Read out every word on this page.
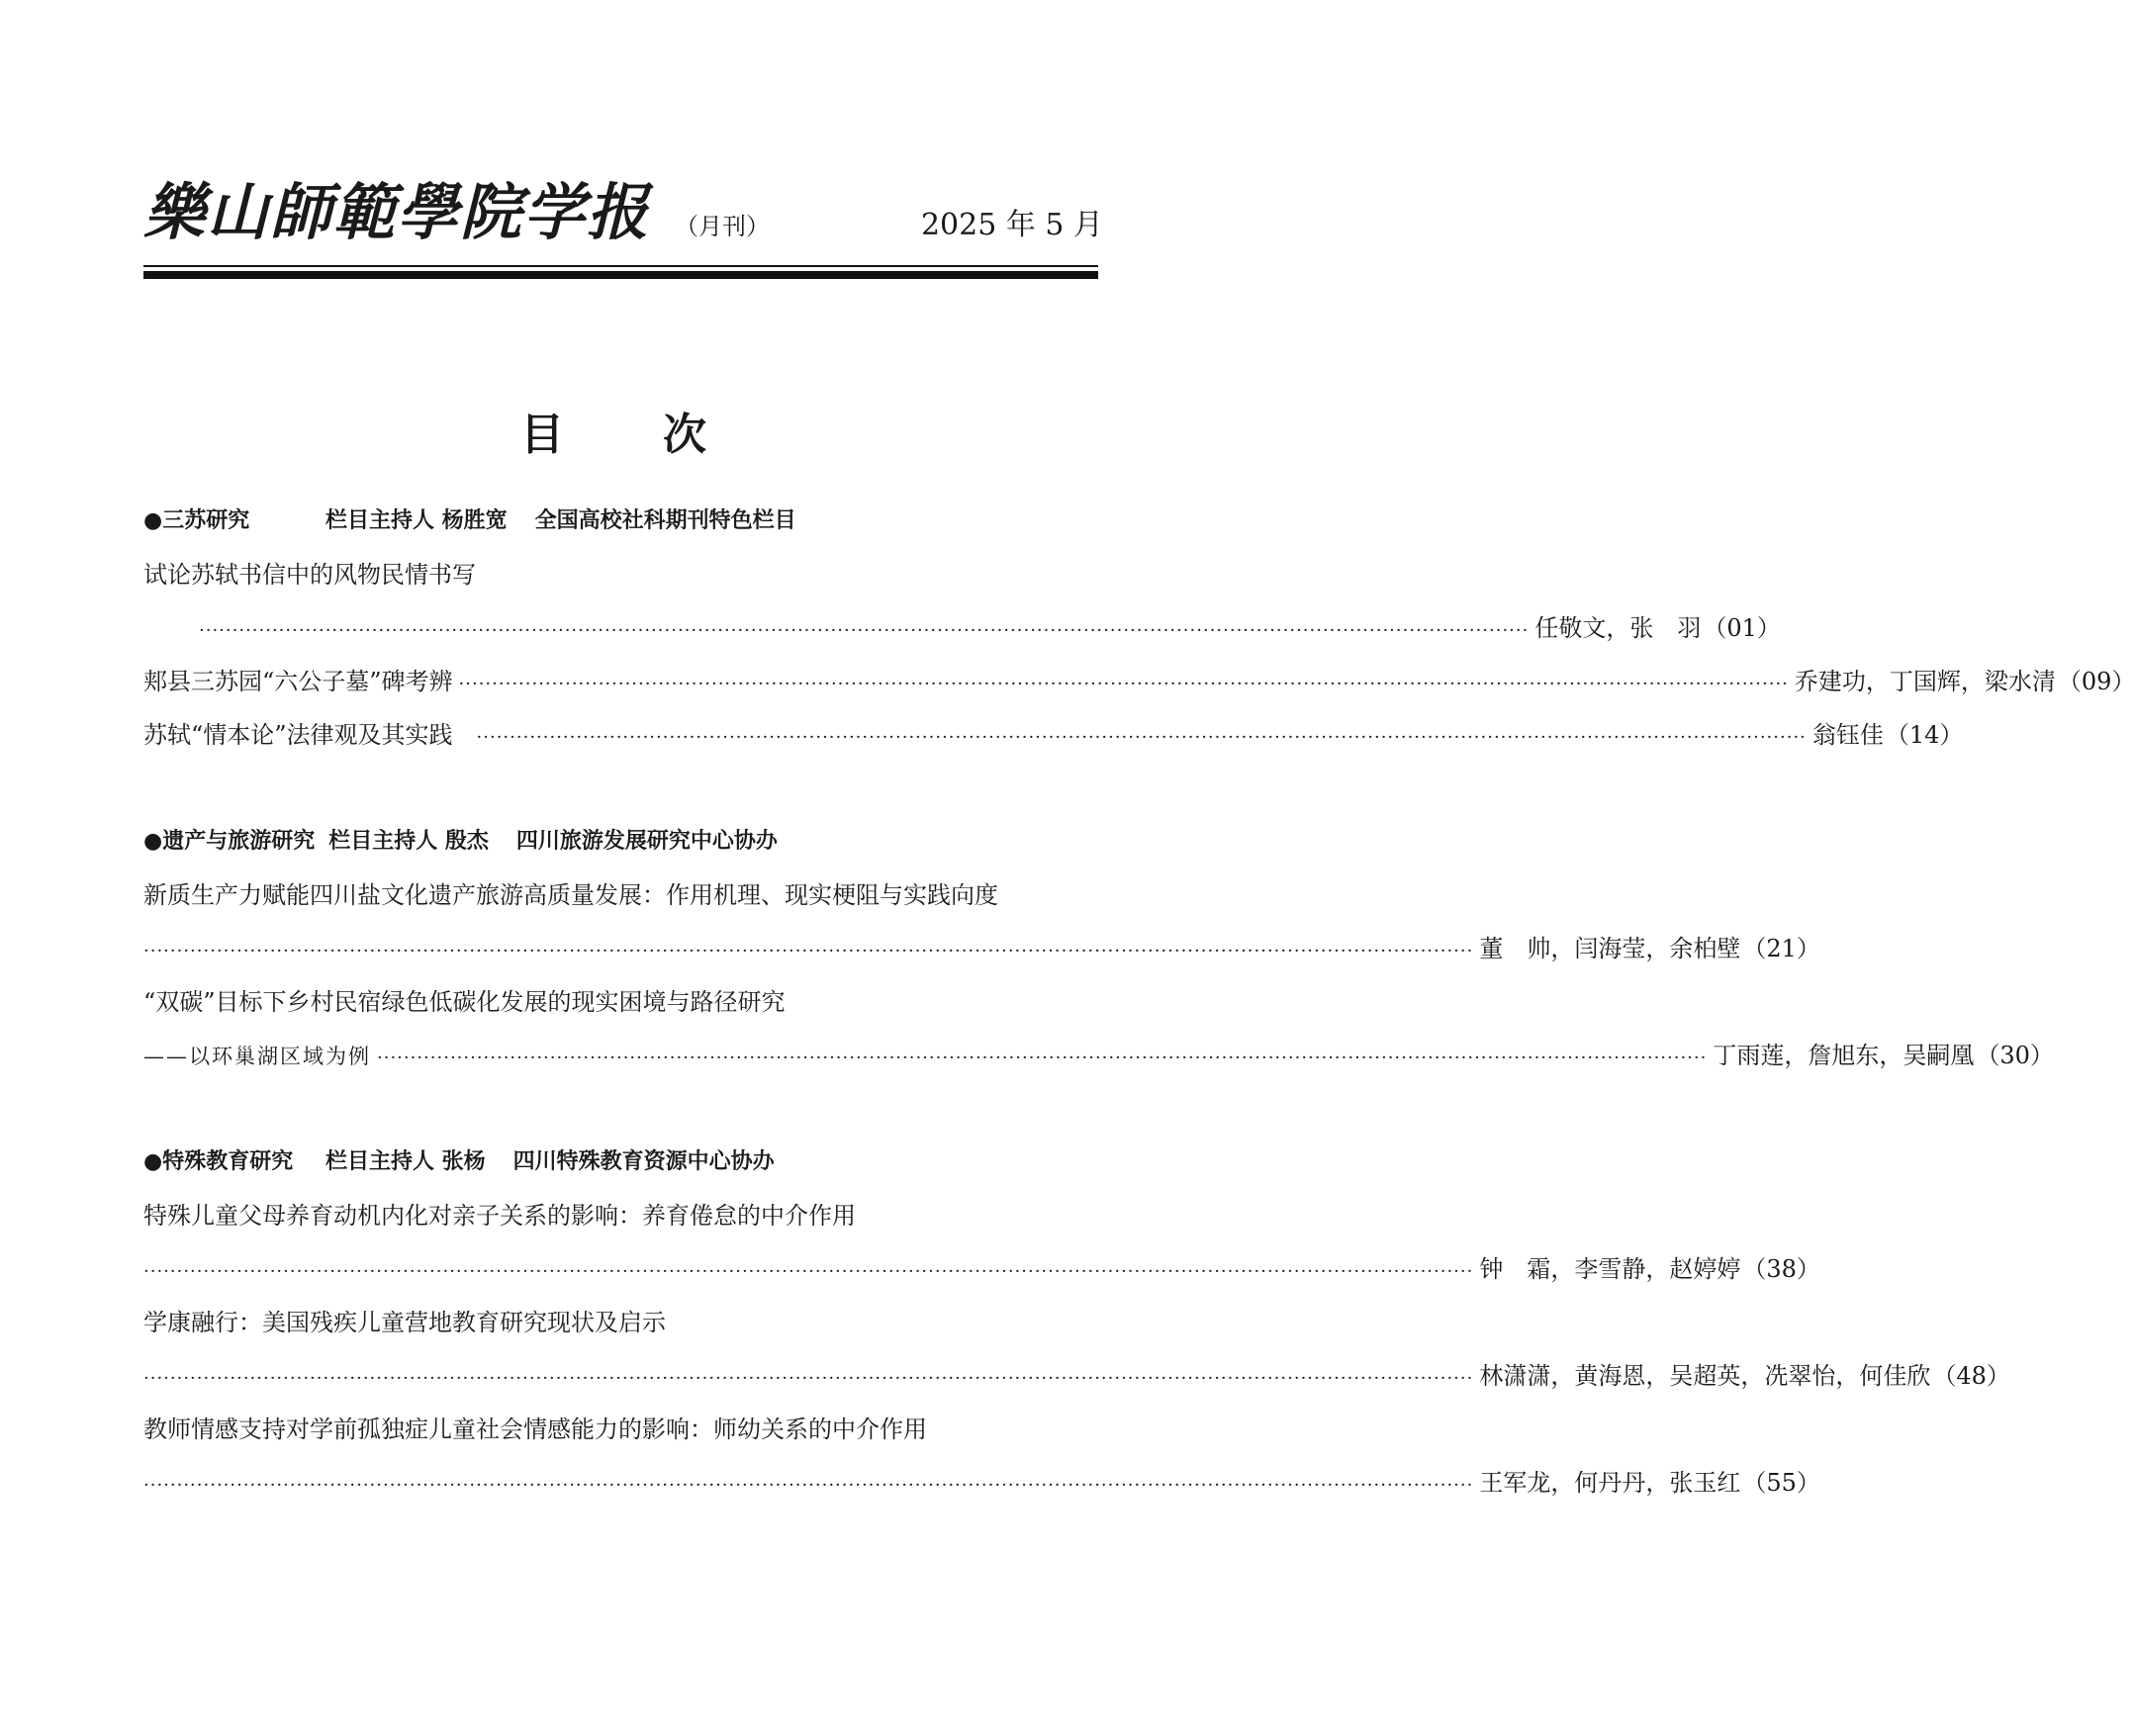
樂山師範學院学报 （月刊）	2025 年 5 月
目次
●三苏研究	栏目主持人 杨胜宽 全国高校社科期刊特色栏目
试论苏轼书信中的风物民情书写
········································································································································································································ 任敬文，张　羽 （01）
郏县三苏园“六公子墓”碑考辨 ········································································································································································································ 乔建功，丁国辉，梁水清 （09）
苏轼“情本论”法律观及其实践 ········································································································································································································ 翁钰佳 （14）
●遗产与旅游研究 栏目主持人 殷杰 四川旅游发展研究中心协办
新质生产力赋能四川盐文化遗产旅游高质量发展：作用机理、现实梗阻与实践向度
········································································································································································································ 董　帅，闫海莹，余柏壁 （21）
“双碳”目标下乡村民宿绿色低碳化发展的现实困境与路径研究
——以环巢湖区域为例 ········································································································································································································ 丁雨莲，詹旭东，吴嗣凰 （30）
●特殊教育研究 栏目主持人 张杨 四川特殊教育资源中心协办
特殊儿童父母养育动机内化对亲子关系的影响：养育倦怠的中介作用
········································································································································································································ 钟　霜，李雪静，赵婷婷 （38）
学康融行：美国残疾儿童营地教育研究现状及启示
········································································································································································································ 林潇潇，黄海恩，吴超英，冼翠怡，何佳欣 （48）
教师情感支持对学前孤独症儿童社会情感能力的影响：师幼关系的中介作用
········································································································································································································ 王军龙，何丹丹，张玉红 （55）
